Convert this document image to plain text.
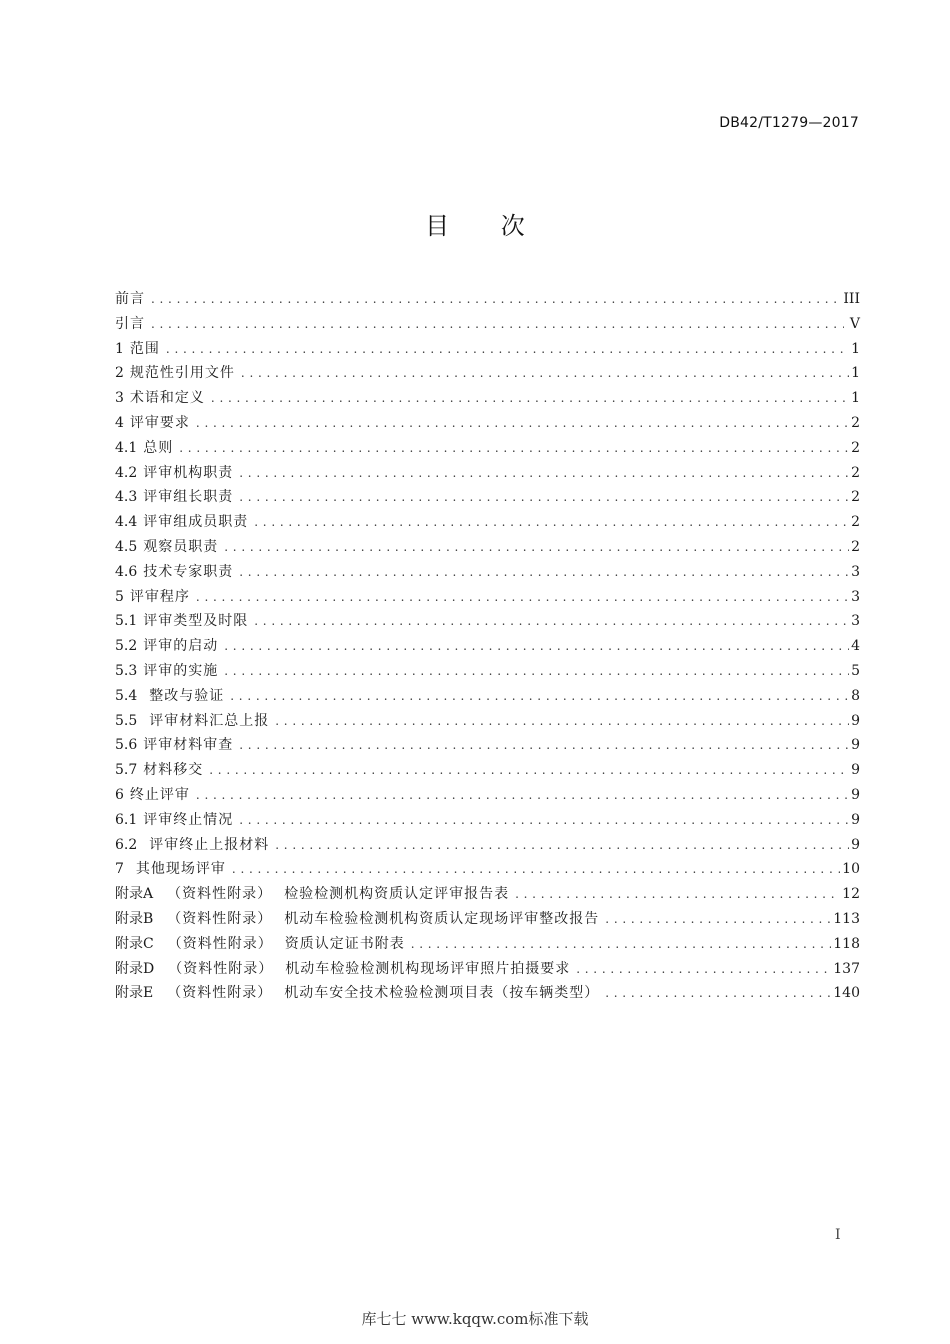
DB42/T1279—2017
目 次
前言 . . .	III
引言 . . .	V
1 范围 . . .	1
2 规范性引用文件 . . .	1
3 术语和定义 . . .	1
4 评审要求 . . .	2
4.1 总则 . . .	2
4.2 评审机构职责 . . .	2
4.3 评审组长职责 . . .	2
4.4 评审组成员职责 . . .	2
4.5 观察员职责 . . .	2
4.6 技术专家职责 . . .	3
5 评审程序 . . .	3
5.1 评审类型及时限 . . .	3
5.2 评审的启动 . . .	4
5.3 评审的实施 . . .	5
5.4 整改与验证 . . .	8
5.5 评审材料汇总上报 . . .	9
5.6 评审材料审查 . . .	9
5.7 材料移交 . . .	9
6 终止评审 . . .	9
6.1 评审终止情况 . . .	9
6.2 评审终止上报材料 . . .	9
7 其他现场评审 . . .	10
附录A （资料性附录） 检验检测机构资质认定评审报告表 . . .	12
附录B （资料性附录） 机动车检验检测机构资质认定现场评审整改报告 . . .	113
附录C （资料性附录） 资质认定证书附表 . . .	118
附录D （资料性附录） 机动车检验检测机构现场评审照片拍摄要求 . . .	137
附录E （资料性附录） 机动车安全技术检验检测项目表（按车辆类型） . . .	140
I
库七七 www.kqqw.com标准下载
